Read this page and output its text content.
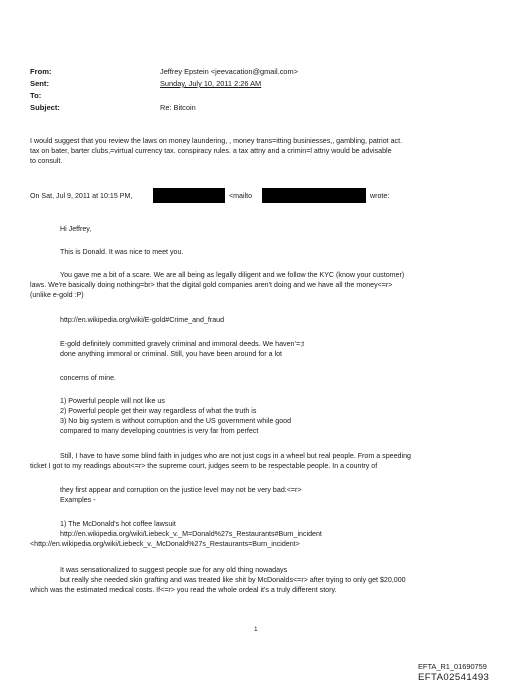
From:	Jeffrey Epstein <jeevacation@gmail.com>
Sent:	Sunday, July 10, 2011 2:26 AM
To:
Subject:	Re: Bitcoin
I would suggest that you review the laws on money laundering, , money trans=itting businiesses,, gambling, patriot act.
tax on bater, barter clubs,=virtual currency tax. conspiracy rules. a tax attny and a crimin=l attny would be advisable
to consult.
On Sat, Jul 9, 2011 at 10:15 PM,	<mailto	wrote:
Hi Jeffrey,
This is Donald. It was nice to meet you.
You gave me a bit of a scare. We are all being as legally diligent and we follow the KYC (know your customer)
laws. We're basically doing nothing=br> that the digital gold companies aren't doing and we have all the money<=r>
(unlike e-gold :P)
http://en.wikipedia.org/wiki/E-gold#Crime_and_fraud
E-gold definitely committed gravely criminal and immoral deeds. We haven’=;t
done anything immoral or criminal. Still, you have been around for a lot
concerns of mine.
1) Powerful people will not like us
2) Powerful people get their way regardless of what the truth is
3) No big system is without corruption and the US government while good
compared to many developing countries is very far from perfect
Still, I have to have some blind faith in judges who are not just cogs in a wheel but real people. From a speeding
ticket I got to my readings about<=r> the supreme court, judges seem to be respectable people. In a country of
they first appear and corruption on the justice level may not be very bad:<=r>
Examples -
1) The McDonald's hot coffee lawsuit
http://en.wikipedia.org/wiki/Liebeck_v._M=Donald%27s_Restaurants#Burn_incident
<http://en.wikipedia.org/wiki/Liebeck_v._McDonald%27s_Restaurants=Burn_incident>
It was sensationalized to suggest people sue for any old thing nowadays
but really she needed skin grafting and was treated like shit by McDonalds<=r> after trying to only get $20,000
which was the estimated medical costs. If<=r> you read the whole ordeal it's a truly different story.
1
EFTA_R1_01690759
EFTA02541493
